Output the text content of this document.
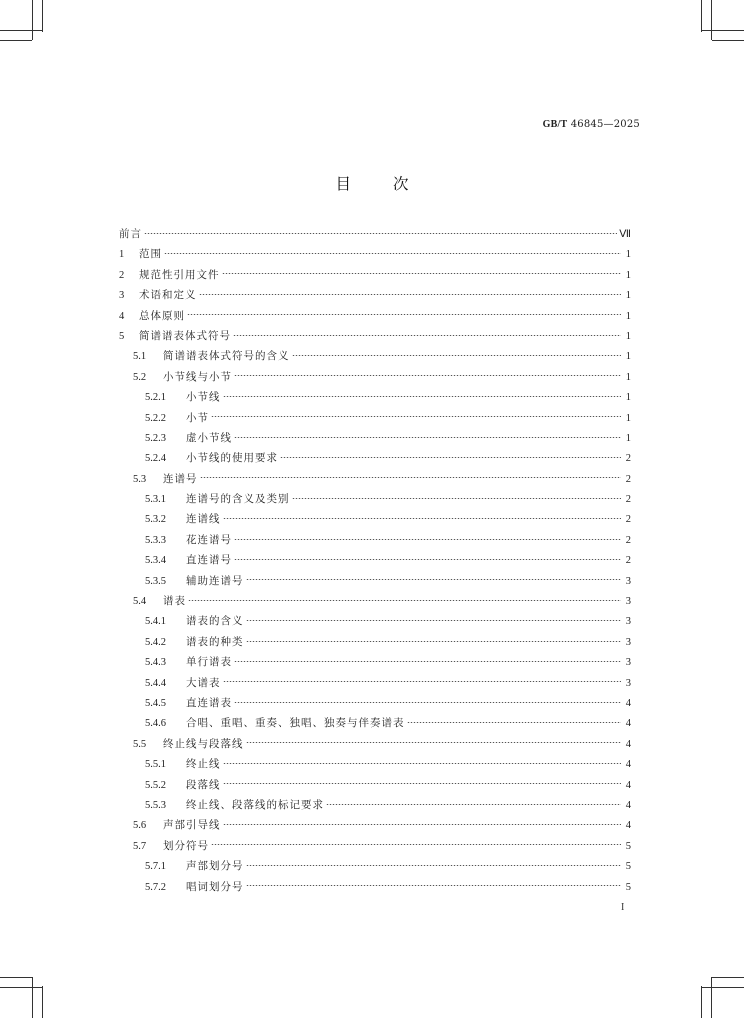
GB/T 46845—2025
目次
前言	Ⅶ
1	范围	1
2	规范性引用文件	1
3	术语和定义	1
4	总体原则	1
5	简谱谱表体式符号	1
5.1	简谱谱表体式符号的含义	1
5.2	小节线与小节	1
5.2.1	小节线	1
5.2.2	小节	1
5.2.3	虚小节线	1
5.2.4	小节线的使用要求	2
5.3	连谱号	2
5.3.1	连谱号的含义及类别	2
5.3.2	连谱线	2
5.3.3	花连谱号	2
5.3.4	直连谱号	2
5.3.5	辅助连谱号	3
5.4	谱表	3
5.4.1	谱表的含义	3
5.4.2	谱表的种类	3
5.4.3	单行谱表	3
5.4.4	大谱表	3
5.4.5	直连谱表	4
5.4.6	合唱、重唱、重奏、独唱、独奏与伴奏谱表	4
5.5	终止线与段落线	4
5.5.1	终止线	4
5.5.2	段落线	4
5.5.3	终止线、段落线的标记要求	4
5.6	声部引导线	4
5.7	划分符号	5
5.7.1	声部划分号	5
5.7.2	唱词划分号	5
I
